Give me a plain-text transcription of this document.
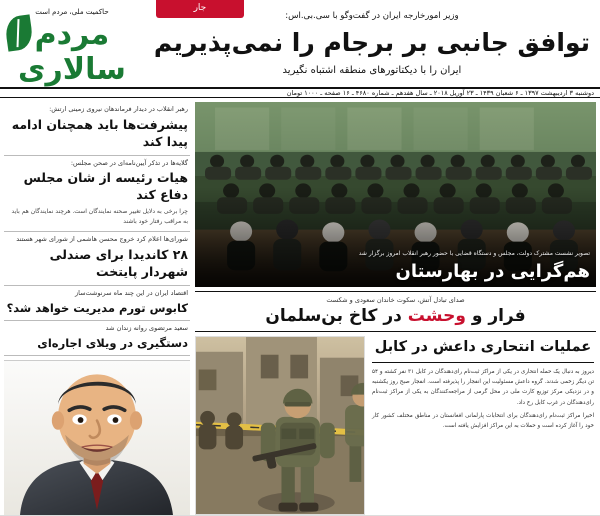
حاکمیت ملی، مردم است
مردم سالاری
جار
وزیر امورخارجه ایران در گفت‌وگو با سی.بی.اس:
توافق جانبی بر برجام را نمی‌پذیریم
ایران را با دیکتاتورهای منطقه اشتباه نگیرید
دوشنبه ۳ اردیبهشت ۱۳۹۷ ـ ۶ شعبان ۱۴۳۹ ـ ۲۳ آوریل ۲۰۱۸ ـ سال هفدهم ـ شماره ۴۶۸۰ ـ ۱۶ صفحه ـ ۱۰۰۰ تومان
رهبر انقلاب در دیدار فرماندهان نیروی زمینی ارتش:
پیشرفت‌ها باید همچنان ادامه پیدا کند
گلایه‌ها در تذکر آیین‌نامه‌ای در صحن مجلس:
هیات رئیسه از شان مجلس دفاع کند
چرا برخی به دلایل تغییر صحنه نمایندگان است. هرچند نمایندگان هم باید به مراقب رفتار خود باشند
شورای‌ها اعلام کرد خروج محسن هاشمی از شورای شهر هستند
۲۸ کاندیدا برای صندلی شهردار پایتخت
اقتصاد ایران در این چند ماه سرنوشت‌ساز
کابوس تورم مدیریت خواهد شد؟
سعید مرتضوی روانه زندان شد
دستگیری در ویلای اجاره‌ای
تصویر نشست مشترک دولت، مجلس و دستگاه قضایی با حضور رهبر انقلاب امروز برگزار شد
هم‌گرایی در بهارستان
صدای تبادل آتش، سکوت خاندان سعودی و شکست
فرار و وحشت در کاخ بن‌سلمان
عملیات انتحاری داعش در کابل

دیروز به دنبال یک حمله انتحاری در یکی از مراکز ثبت‌نام رای‌دهندگان در کابل ۳۱ نفر کشته و ۵۴ تن دیگر زخمی شدند. گروه داعش مسئولیت این انفجار را پذیرفته است. انفجار صبح روز یکشنبه و در نزدیکی مرکز توزیع کارت ملی در محل گرمی از مراجعه‌کنندگان به یکی از مراکز ثبت‌نام رای‌دهندگان در غرب کابل رخ داد.

اخیرا مراکز ثبت‌نام رای‌دهندگان برای انتخابات پارلمانی افغانستان در مناطق مختلف کشور کار خود را آغاز کرده است و حملات به این مراکز افزایش یافته است.
